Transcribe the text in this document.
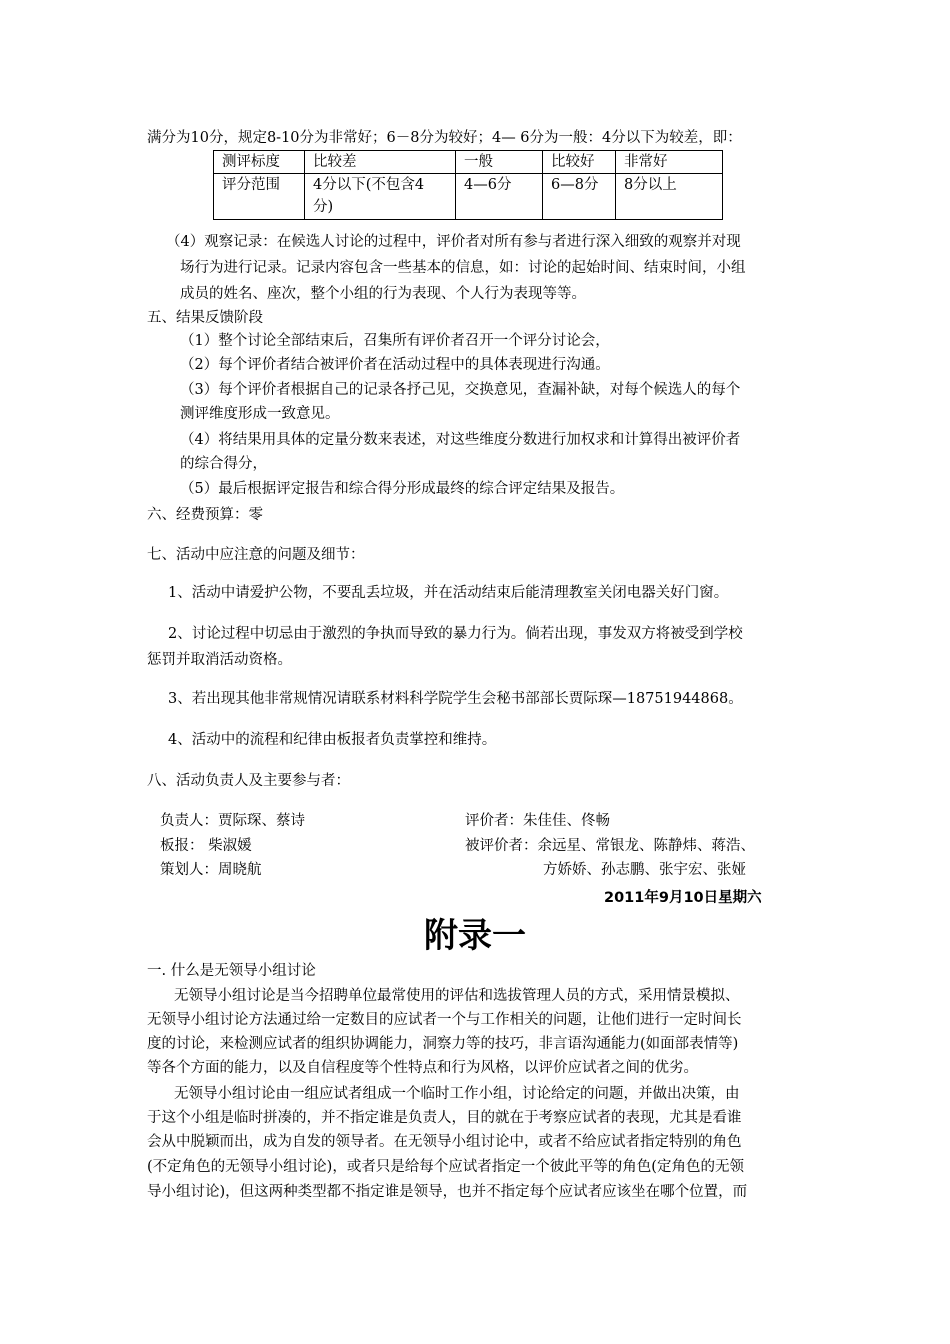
满分为10分，规定8-10分为非常好；6－8分为较好；4— 6分为一般：4分以下为较差，即：
测评标度	比较差	一般	比较好	非常好
评分范围	4分以下(不包含4
分)	4—6分	6—8分	8分以上
（4）观察记录：在候选人讨论的过程中，评价者对所有参与者进行深入细致的观察并对现
场行为进行记录。记录内容包含一些基本的信息，如：讨论的起始时间、结束时间，小组
成员的姓名、座次，整个小组的行为表现、个人行为表现等等。
五、结果反馈阶段
（1）整个讨论全部结束后，召集所有评价者召开一个评分讨论会，
（2）每个评价者结合被评价者在活动过程中的具体表现进行沟通。
（3）每个评价者根据自己的记录各抒己见，交换意见，查漏补缺，对每个候选人的每个
测评维度形成一致意见。
（4）将结果用具体的定量分数来表述，对这些维度分数进行加权求和计算得出被评价者
的综合得分，
（5）最后根据评定报告和综合得分形成最终的综合评定结果及报告。
六、经费预算：零
七、活动中应注意的问题及细节：
1、活动中请爱护公物，不要乱丢垃圾，并在活动结束后能清理教室关闭电器关好门窗。
2、讨论过程中切忌由于激烈的争执而导致的暴力行为。倘若出现，事发双方将被受到学校
惩罚并取消活动资格。
3、若出现其他非常规情况请联系材料科学院学生会秘书部部长贾际琛—18751944868。
4、活动中的流程和纪律由板报者负责掌控和维持。
八、活动负责人及主要参与者：
负责人：贾际琛、蔡诗
板报： 柴淑媛
策划人：周晓航
评价者：朱佳佳、佟畅
被评价者：余远星、常银龙、陈静炜、蒋浩、
方娇娇、孙志鹏、张宇宏、张娅
2011年9月10日星期六
附录一
一. 什么是无领导小组讨论
无领导小组讨论是当今招聘单位最常使用的评估和选拔管理人员的方式，采用情景模拟、
无领导小组讨论方法通过给一定数目的应试者一个与工作相关的问题，让他们进行一定时间长
度的讨论，来检测应试者的组织协调能力，洞察力等的技巧，非言语沟通能力(如面部表情等)
等各个方面的能力，以及自信程度等个性特点和行为风格，以评价应试者之间的优劣。
无领导小组讨论由一组应试者组成一个临时工作小组，讨论给定的问题，并做出决策，由
于这个小组是临时拼凑的，并不指定谁是负责人，目的就在于考察应试者的表现，尤其是看谁
会从中脱颖而出，成为自发的领导者。在无领导小组讨论中，或者不给应试者指定特别的角色
(不定角色的无领导小组讨论)，或者只是给每个应试者指定一个彼此平等的角色(定角色的无领
导小组讨论)，但这两种类型都不指定谁是领导，也并不指定每个应试者应该坐在哪个位置，而
